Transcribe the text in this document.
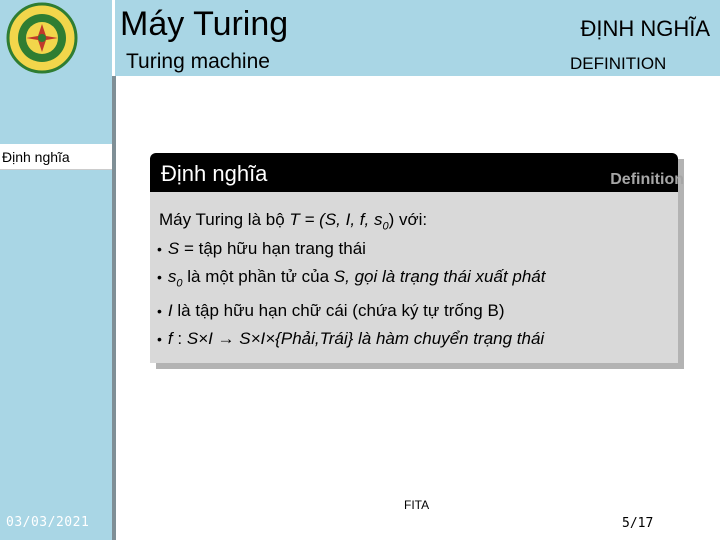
Máy Turing
Turing machine
ĐỊNH NGHĨA
DEFINITION
Định nghĩa
03/03/2021
Định nghĩa	Definition
Máy Turing là bộ T = (S, I, f, $s_0$) với:
• S = tập hữu hạn trang thái
• $s_0$ là một phần tử của S, gọi là trạng thái xuất phát
• I là tập hữu hạn chữ cái (chứa ký tự trống B)
• f : S×I → S×I×{Phải,Trái} là hàm chuyển trạng thái
FITA
5/17
